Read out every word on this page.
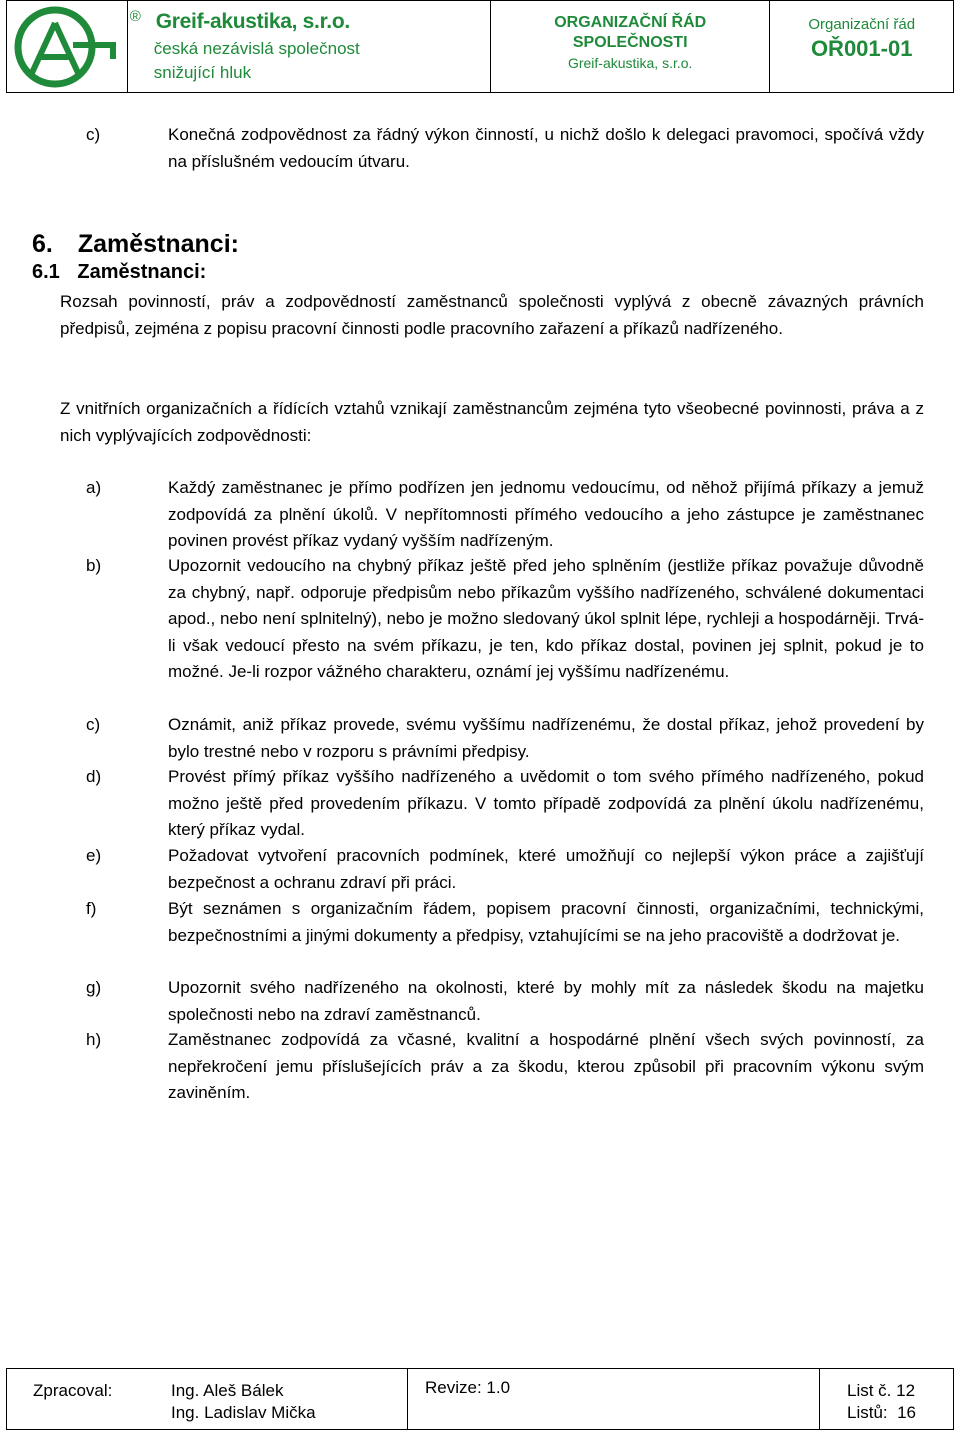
® Greif-akustika, s.r.o.
česká nezávislá společnost
snižující hluk
ORGANIZAČNÍ ŘÁD
SPOLEČNOSTI
Greif-akustika, s.r.o.
Organizační řád
OŘ001-01
c)	Konečná zodpovědnost za řádný výkon činností, u nichž došlo k delegaci pravomoci, spočívá vždy na příslušném vedoucím útvaru.
6. Zaměstnanci:
6.1 Zaměstnanci:
Rozsah povinností, práv a zodpovědností zaměstnanců společnosti vyplývá z obecně závazných právních předpisů, zejména z popisu pracovní činnosti podle pracovního zařazení a příkazů nadřízeného.
Z vnitřních organizačních a řídících vztahů vznikají zaměstnancům zejména tyto všeobecné povinnosti, práva a z nich vyplývajících zodpovědnosti:
a)	Každý zaměstnanec je přímo podřízen jen jednomu vedoucímu, od něhož přijímá příkazy a jemuž zodpovídá za plnění úkolů. V nepřítomnosti přímého vedoucího a jeho zástupce je zaměstnanec povinen provést příkaz vydaný vyšším nadřízeným.
b)	Upozornit vedoucího na chybný příkaz ještě před jeho splněním (jestliže příkaz považuje důvodně za chybný, např. odporuje předpisům nebo příkazům vyššího nadřízeného, schválené dokumentaci apod., nebo není splnitelný), nebo je možno sledovaný úkol splnit lépe, rychleji a hospodárněji. Trvá-li však vedoucí přesto na svém příkazu, je ten, kdo příkaz dostal, povinen jej splnit, pokud je to možné. Je-li rozpor vážného charakteru, oznámí jej vyššímu nadřízenému.
c)	Oznámit, aniž příkaz provede, svému vyššímu nadřízenému, že dostal příkaz, jehož provedení by bylo trestné nebo v rozporu s právními předpisy.
d)	Provést přímý příkaz vyššího nadřízeného a uvědomit o tom svého přímého nadřízeného, pokud možno ještě před provedením příkazu. V tomto případě zodpovídá za plnění úkolu nadřízenému, který příkaz vydal.
e)	Požadovat vytvoření pracovních podmínek, které umožňují co nejlepší výkon práce a zajišťují bezpečnost a ochranu zdraví při práci.
f)	Být seznámen s organizačním řádem, popisem pracovní činnosti, organizačními, technickými, bezpečnostními a jinými dokumenty a předpisy, vztahujícími se na jeho pracoviště a dodržovat je.
g)	Upozornit svého nadřízeného na okolnosti, které by mohly mít za následek škodu na majetku společnosti nebo na zdraví zaměstnanců.
h)	Zaměstnanec zodpovídá za včasné, kvalitní a hospodárné plnění všech svých povinností, za nepřekročení jemu příslušejících práv a za škodu, kterou způsobil při pracovním výkonu svým zaviněním.
Zpracoval:	Ing. Aleš Bálek
Ing. Ladislav Mička
Revize: 1.0	List č. 12
Listů:  16
